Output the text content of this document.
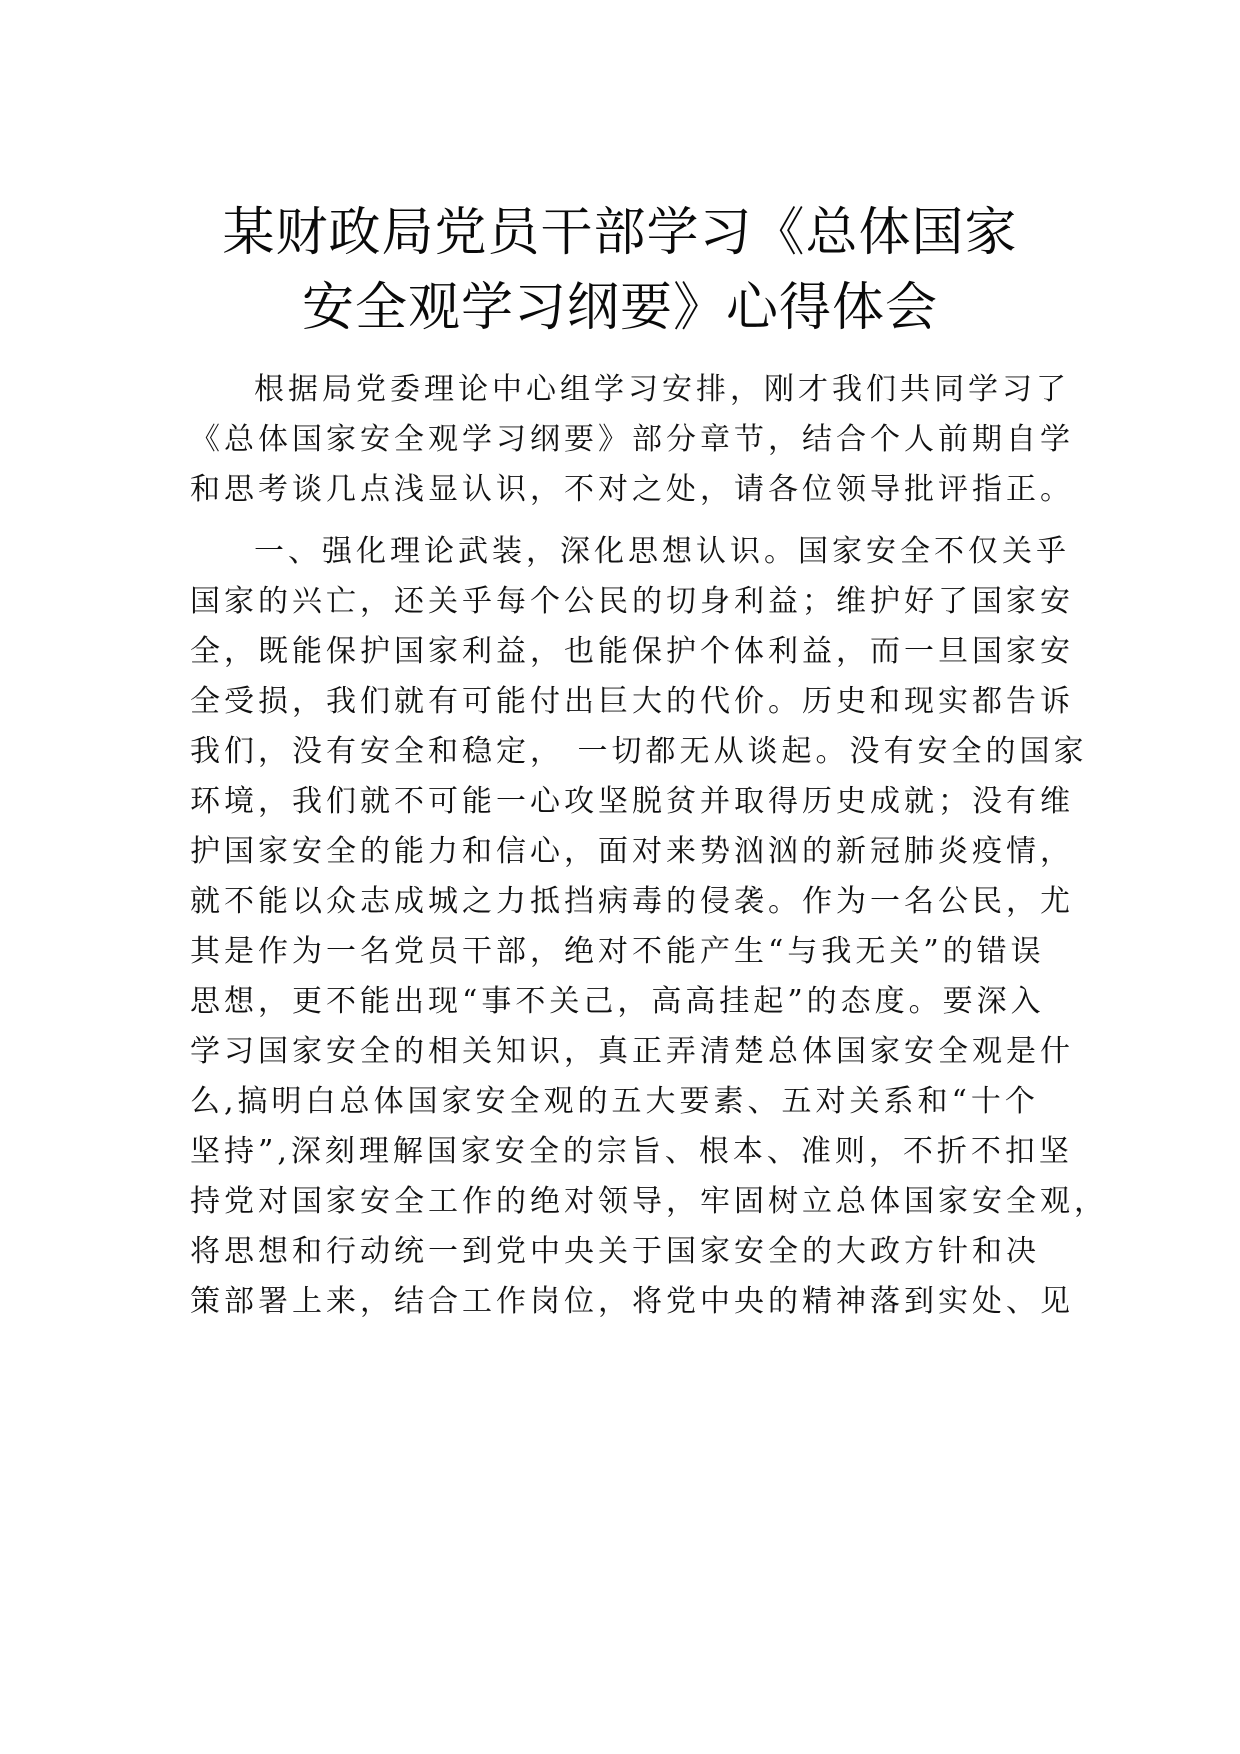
某财政局党员干部学习《总体国家
安全观学习纲要》心得体会
根据局党委理论中心组学习安排，刚才我们共同学习了
《总体国家安全观学习纲要》部分章节，结合个人前期自学
和思考谈几点浅显认识，不对之处，请各位领导批评指正。
一、强化理论武装，深化思想认识。国家安全不仅关乎
国家的兴亡，还关乎每个公民的切身利益；维护好了国家安
全，既能保护国家利益，也能保护个体利益，而一旦国家安
全受损，我们就有可能付出巨大的代价。历史和现实都告诉
我们，没有安全和稳定， 一切都无从谈起。没有安全的国家
环境，我们就不可能一心攻坚脱贫并取得历史成就；没有维
护国家安全的能力和信心，面对来势汹汹的新冠肺炎疫情，
就不能以众志成城之力抵挡病毒的侵袭。作为一名公民，尤
其是作为一名党员干部，绝对不能产生“与我无关”的错误
思想，更不能出现“事不关己，高高挂起”的态度。要深入
学习国家安全的相关知识，真正弄清楚总体国家安全观是什
么,搞明白总体国家安全观的五大要素、五对关系和“十个
坚持”,深刻理解国家安全的宗旨、根本、准则，不折不扣坚
持党对国家安全工作的绝对领导，牢固树立总体国家安全观，
将思想和行动统一到党中央关于国家安全的大政方针和决
策部署上来，结合工作岗位，将党中央的精神落到实处、见
